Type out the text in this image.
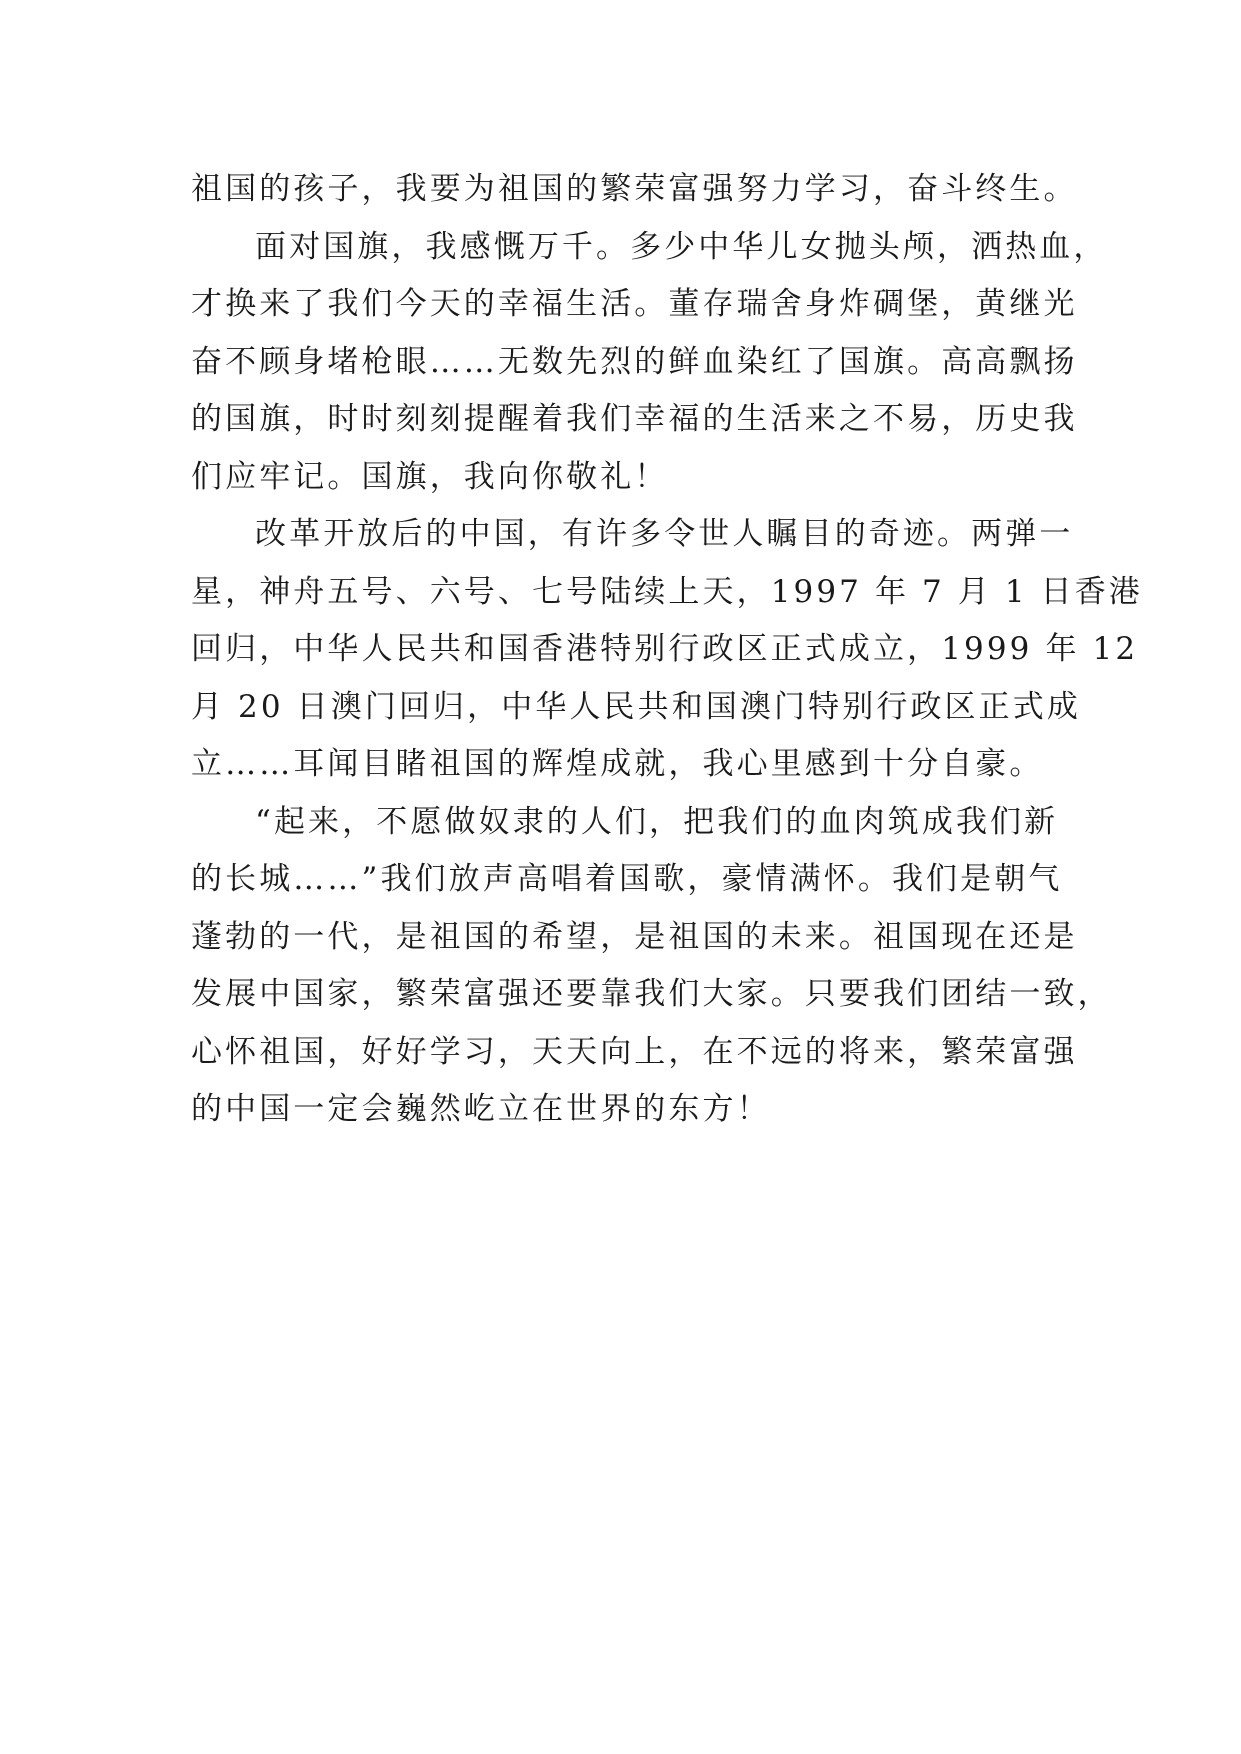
祖国的孩子，我要为祖国的繁荣富强努力学习，奋斗终生。
面对国旗，我感慨万千。多少中华儿女抛头颅，洒热血，
才换来了我们今天的幸福生活。董存瑞舍身炸碉堡，黄继光
奋不顾身堵枪眼……无数先烈的鲜血染红了国旗。高高飘扬
的国旗，时时刻刻提醒着我们幸福的生活来之不易，历史我
们应牢记。国旗，我向你敬礼！
改革开放后的中国，有许多令世人瞩目的奇迹。两弹一
星，神舟五号、六号、七号陆续上天，1997 年 7 月 1 日香港
回归，中华人民共和国香港特别行政区正式成立，1999 年 12
月 20 日澳门回归，中华人民共和国澳门特别行政区正式成
立……耳闻目睹祖国的辉煌成就，我心里感到十分自豪。
“起来，不愿做奴隶的人们，把我们的血肉筑成我们新
的长城……”我们放声高唱着国歌，豪情满怀。我们是朝气
蓬勃的一代，是祖国的希望，是祖国的未来。祖国现在还是
发展中国家，繁荣富强还要靠我们大家。只要我们团结一致，
心怀祖国，好好学习，天天向上，在不远的将来，繁荣富强
的中国一定会巍然屹立在世界的东方！
